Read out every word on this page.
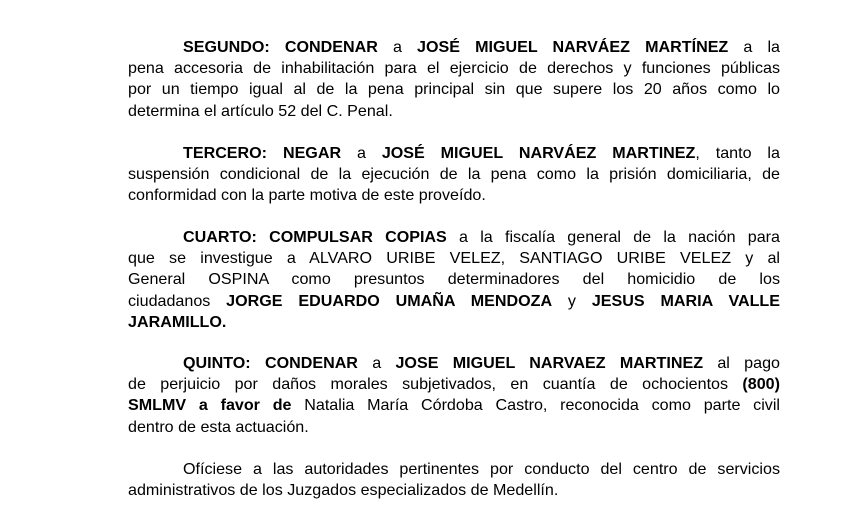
SEGUNDO: CONDENAR a JOSÉ MIGUEL NARVÁEZ MARTÍNEZ a la
pena accesoria de inhabilitación para el ejercicio de derechos y funciones públicas
por un tiempo igual al de la pena principal sin que supere los 20 años como lo
determina el artículo 52 del C. Penal.
TERCERO: NEGAR a JOSÉ MIGUEL NARVÁEZ MARTINEZ, tanto la
suspensión condicional de la ejecución de la pena como la prisión domiciliaria, de
conformidad con la parte motiva de este proveído.
CUARTO: COMPULSAR COPIAS a la fiscalía general de la nación para
que se investigue a ALVARO URIBE VELEZ, SANTIAGO URIBE VELEZ y al
General OSPINA como presuntos determinadores del homicidio de los
ciudadanos JORGE EDUARDO UMAÑA MENDOZA y JESUS MARIA VALLE
JARAMILLO.
QUINTO: CONDENAR a JOSE MIGUEL NARVAEZ MARTINEZ al pago
de perjuicio por daños morales subjetivados, en cuantía de ochocientos (800)
SMLMV a favor de Natalia María Córdoba Castro, reconocida como parte civil
dentro de esta actuación.
Ofíciese a las autoridades pertinentes por conducto del centro de servicios
administrativos de los Juzgados especializados de Medellín.
